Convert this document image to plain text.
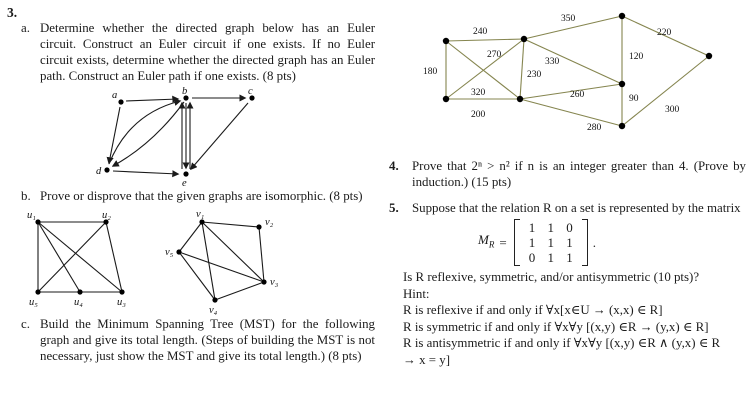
3.
a. Determine whether the directed graph below has an Euler circuit. Construct an Euler circuit if one exists. If no Euler circuit exists, determine whether the directed graph has an Euler path. Construct an Euler path if one exists. (8 pts)
a	b	c
d
e
b. Prove or disprove that the given graphs are isomorphic. (8 pts)
u₁	u₂
u₅	u₄	u₃
v₁
v₂
v₅
v₃
v₄
c. Build the Minimum Spanning Tree (MST) for the following graph and give its total length. (Steps of building the MST is not necessary, just show the MST and give its total length.) (8 pts)
240
350
220
180
270
320
200
230
330	120
260	90
280
300
4.	Prove that 2ⁿ > n² if n is an integer greater than 4. (Prove by induction.) (15 pts)
5.	Suppose that the relation R on a set is represented by the matrix
$M_R$ =
1 1 0
1 1 1
0 1 1
.
Is R reflexive, symmetric, and/or antisymmetric (10 pts)?
Hint:
R is reflexive if and only if ∀x[x∈U → (x,x) ∈ R]
R is symmetric if and only if ∀x∀y [(x,y) ∈R → (y,x) ∈ R]
R is antisymmetric if and only if ∀x∀y [(x,y) ∈R ∧ (y,x) ∈ R
→ x = y]
